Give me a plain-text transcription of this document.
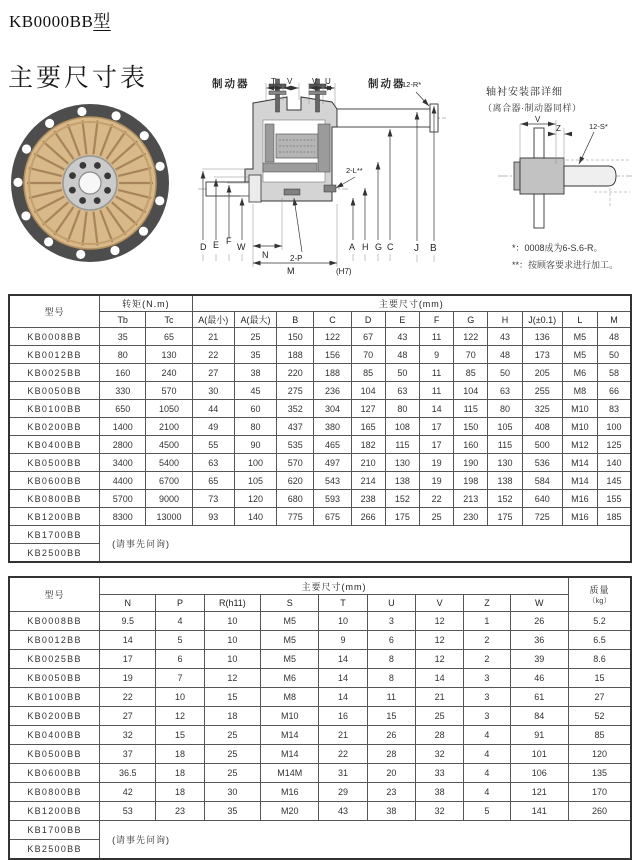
KB0000BB型
主要尺寸表	制动器	T V V U	制动器
12-R*
2-L**
D E F
W
N	2-P
M
A
(H7)
H G C J B
轴衬安装部详细
（离合器·制动器同样）
V
Z	12-S*
*：0008成为6-S.6-R。
**：按顾客要求进行加工。
型号	转矩(N.m)		主要尺寸(mm)											
	Tb	Tc	A(最小)	A(最大)	B	C	D	E	F	G	H	J(±0.1)	L	M
KB0008BB	35	65	21	25	150	122	67	43	11	122	43	136	M5	48
KB0012BB	80	130	22	35	188	156	70	48	9	70	48	173	M5	50
KB0025BB	160	240	27	38	220	188	85	50	11	85	50	205	M6	58
KB0050BB	330	570	30	45	275	236	104	63	11	104	63	255	M8	66
KB0100BB	650	1050	44	60	352	304	127	80	14	115	80	325	M10	83
KB0200BB	1400	2100	49	80	437	380	165	108	17	150	105	408	M10	100
KB0400BB	2800	4500	55	90	535	465	182	115	17	160	115	500	M12	125
KB0500BB	3400	5400	63	100	570	497	210	130	19	190	130	536	M14	140
KB0600BB	4400	6700	65	105	620	543	214	138	19	198	138	584	M14	145
KB0800BB	5700	9000	73	120	680	593	238	152	22	213	152	640	M16	155
KB1200BB	8300	13000	93	140	775	675	266	175	25	230	175	725	M16	185
KB1700BB	(请事先问询)													
KB2500BB														
型号	主要尺寸(mm)									质量
（kg）

	N	P	R(h11)	S	T	U	V	Z	W	
KB0008BB	9.5	4	10	M5	10	3	12	1	26	5.2
KB0012BB	14	5	10	M5	9	6	12	2	36	6.5
KB0025BB	17	6	10	M5	14	8	12	2	39	8.6
KB0050BB	19	7	12	M6	14	8	14	3	46	15
KB0100BB	22	10	15	M8	14	11	21	3	61	27
KB0200BB	27	12	18	M10	16	15	25	3	84	52
KB0400BB	32	15	25	M14	21	26	28	4	91	85
KB0500BB	37	18	25	M14	22	28	32	4	101	120
KB0600BB	36.5	18	25	M14M	31	20	33	4	106	135
KB0800BB	42	18	30	M16	29	23	38	4	121	170
KB1200BB	53	23	35	M20	43	38	32	5	141	260
KB1700BB	(请事先问询)									
KB2500BB										
